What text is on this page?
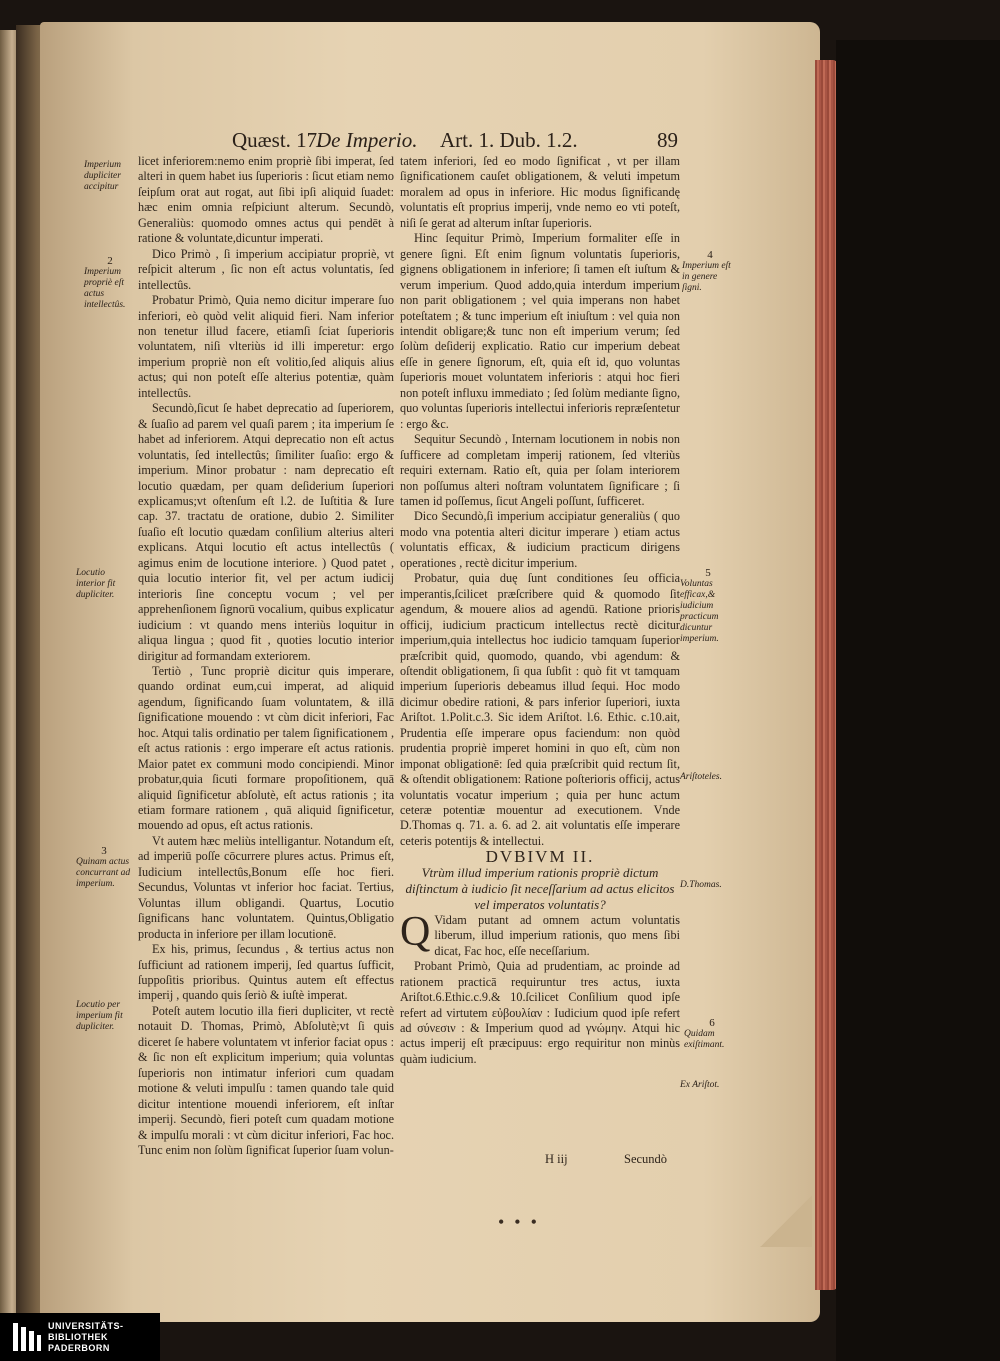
Quæst. 17.
De Imperio. Art. 1. Dub. 1.2.	89
Imperium dupliciter accipitur
2
Imperium propriè eſt actus intellectûs.
Locutio interior fit dupliciter.
3
Quinam actus concurrant ad imperium.
Locutio per imperium fit dupliciter.
4
Imperium eſt in genere ſigni.
5
Voluntas efficax,& iudicium practicum dicuntur imperium.
Ariſtoteles.
D.Thomas.
6
Quidam exiſtimant.
Ex Ariſtot.

licet inferiorem:nemo enim propriè ſibi imperat, ſed alteri in quem habet ius ſuperioris : ſicut etiam nemo ſeipſum orat aut rogat, aut ſibi ipſi aliquid ſuadet: hæc enim omnia reſpiciunt alterum. Secundò, Generaliùs: quomodo omnes actus qui pendēt à ratione & voluntate,dicuntur imperati.

Dico Primò , ſi imperium accipiatur propriè, vt reſpicit alterum , ſic non eſt actus voluntatis, ſed intellectûs.

Probatur Primò, Quia nemo dicitur imperare ſuo inferiori, eò quòd velit aliquid fieri. Nam inferior non tenetur illud facere, etiamſi ſciat ſuperioris voluntatem, niſi vlteriùs id illi imperetur: ergo imperium propriè non eſt volitio,ſed aliquis alius actus; qui non poteſt eſſe alterius potentiæ, quàm intellectûs.

Secundò,ſicut ſe habet deprecatio ad ſuperiorem, & ſuaſio ad parem vel quaſi parem ; ita imperium ſe habet ad inferiorem. Atqui deprecatio non eſt actus voluntatis, ſed intellectûs; ſimiliter ſuaſio: ergo & imperium. Minor probatur : nam deprecatio eſt locutio quædam, per quam deſiderium ſuperiori explicamus;vt oſtenſum eſt l.2. de Iuſtitia & Iure cap. 37. tractatu de oratione, dubio 2. Similiter ſuaſio eſt locutio quædam conſilium alterius alteri explicans. Atqui locutio eſt actus intellectûs ( agimus enim de locutione interiore. ) Quod patet , quia locutio interior fit, vel per actum iudicij interioris ſine conceptu vocum ; vel per apprehenſionem ſignorū vocalium, quibus explicatur iudicium : vt quando mens interiùs loquitur in aliqua lingua ; quod fit , quoties locutio interior dirigitur ad formandam exteriorem.

Tertiò , Tunc propriè dicitur quis imperare, quando ordinat eum,cui imperat, ad aliquid agendum, ſignificando ſuam voluntatem, & illā ſignificatione mouendo : vt cùm dicit inferiori, Fac hoc. Atqui talis ordinatio per talem ſignificationem , eſt actus rationis : ergo imperare eſt actus rationis. Maior patet ex communi modo concipiendi. Minor probatur,quia ſicuti formare propoſitionem, quā aliquid ſignificetur abſolutè, eſt actus rationis ; ita etiam formare rationem , quā aliquid ſignificetur, mouendo ad opus, eſt actus rationis.

Vt autem hæc meliùs intelligantur. Notandum eſt, ad imperiū poſſe cōcurrere plures actus. Primus eſt, Iudicium intellectûs,Bonum eſſe hoc fieri. Secundus, Voluntas vt inferior hoc faciat. Tertius, Voluntas illum obligandi. Quartus, Locutio ſignificans hanc voluntatem. Quintus,Obligatio producta in inferiore per illam locutionē.

Ex his, primus, ſecundus , & tertius actus non ſufficiunt ad rationem imperij, ſed quartus ſufficit, ſuppoſitis prioribus. Quintus autem eſt effectus imperij , quando quis ſeriò & iuſtè imperat.

Poteſt autem locutio illa fieri dupliciter, vt rectè notauit D. Thomas, Primò, Abſolutè;vt ſi quis diceret ſe habere voluntatem vt inferior faciat opus : & ſic non eſt explicitum imperium; quia voluntas ſuperioris non intimatur inferiori cum quadam motione & veluti impulſu : tamen quando tale quid dicitur intentione mouendi inferiorem, eſt inſtar imperij. Secundò, fieri poteſt cum quadam motione & impulſu morali : vt cùm dicitur inferiori, Fac hoc. Tunc enim non ſolùm ſignificat ſuperior ſuam volun-

tatem inferiori, ſed eo modo ſignificat , vt per illam ſignificationem cauſet obligationem, & veluti impetum moralem ad opus in inferiore. Hic modus ſignificandę voluntatis eſt proprius imperij, vnde nemo eo vti poteſt, niſi ſe gerat ad alterum inſtar ſuperioris.

Hinc ſequitur Primò, Imperium formaliter eſſe in genere ſigni. Eſt enim ſignum voluntatis ſuperioris, gignens obligationem in inferiore; ſi tamen eſt iuſtum & verum imperium. Quod addo,quia interdum imperium non parit obligationem ; vel quia imperans non habet poteſtatem ; & tunc imperium eſt iniuſtum : vel quia non intendit obligare;& tunc non eſt imperium verum; ſed ſolùm deſiderij explicatio. Ratio cur imperium debeat eſſe in genere ſignorum, eſt, quia eſt id, quo voluntas ſuperioris mouet voluntatem inferioris : atqui hoc fieri non poteſt influxu immediato ; ſed ſolùm mediante ſigno, quo voluntas ſuperioris intellectui inferioris repræſentetur : ergo &c.

Sequitur Secundò , Internam locutionem in nobis non ſufficere ad completam imperij rationem, ſed vlteriùs requiri externam. Ratio eſt, quia per ſolam interiorem non poſſumus alteri noſtram voluntatem ſignificare ; ſi tamen id poſſemus, ſicut Angeli poſſunt, ſufficeret.

Dico Secundò,ſi imperium accipiatur generaliùs ( quo modo vna potentia alteri dicitur imperare ) etiam actus voluntatis efficax, & iudicium practicum dirigens operationes , rectè dicitur imperium.

Probatur, quia duę ſunt conditiones ſeu officia imperantis,ſcilicet præſcribere quid & quomodo ſit agendum, & mouere alios ad agendū. Ratione prioris officij, iudicium practicum intellectus rectè dicitur imperium,quia intellectus hoc iudicio tamquam ſuperior præſcribit quid, quomodo, quando, vbi agendum: & oſtendit obligationem, ſi qua ſubſit : quò fit vt tamquam imperium ſuperioris debeamus illud ſequi. Hoc modo dicimur obedire rationi, & pars inferior ſuperiori, iuxta Ariſtot. 1.Polit.c.3. Sic idem Ariſtot. l.6. Ethic. c.10.ait, Prudentia eſſe imperare opus faciendum: non quòd prudentia propriè imperet homini in quo eſt, cùm non imponat obligationē: ſed quia præſcribit quid rectum ſit, & oſtendit obligationem: Ratione poſterioris officij, actus voluntatis vocatur imperium ; quia per hunc actum ceteræ potentiæ mouentur ad executionem. Vnde D.Thomas q. 71. a. 6. ad 2. ait voluntatis eſſe imperare ceteris potentijs & intellectui.

DVBIVM II.

Vtrùm illud imperium rationis propriè dictum diſtinctum à iudicio ſit neceſſarium ad actus elicitos vel imperatos voluntatis?

Q Vidam putant ad omnem actum voluntatis liberum, illud imperium rationis, quo mens ſibi dicat, Fac hoc, eſſe neceſſarium.

Probant Primò, Quia ad prudentiam, ac proinde ad rationem practicā requiruntur tres actus, iuxta Ariſtot.6.Ethic.c.9.& 10.ſcilicet Conſilium quod ipſe refert ad virtutem εὐβουλίαν : Iudicium quod ipſe refert ad σύνεσιν : & Imperium quod ad γνώμην. Atqui hic actus imperij eſt præcipuus: ergo requiritur non minùs quàm iudicium.

H iij	Secundò
•••
UNIVERSITÄTS-
BIBLIOTHEK
PADERBORN
